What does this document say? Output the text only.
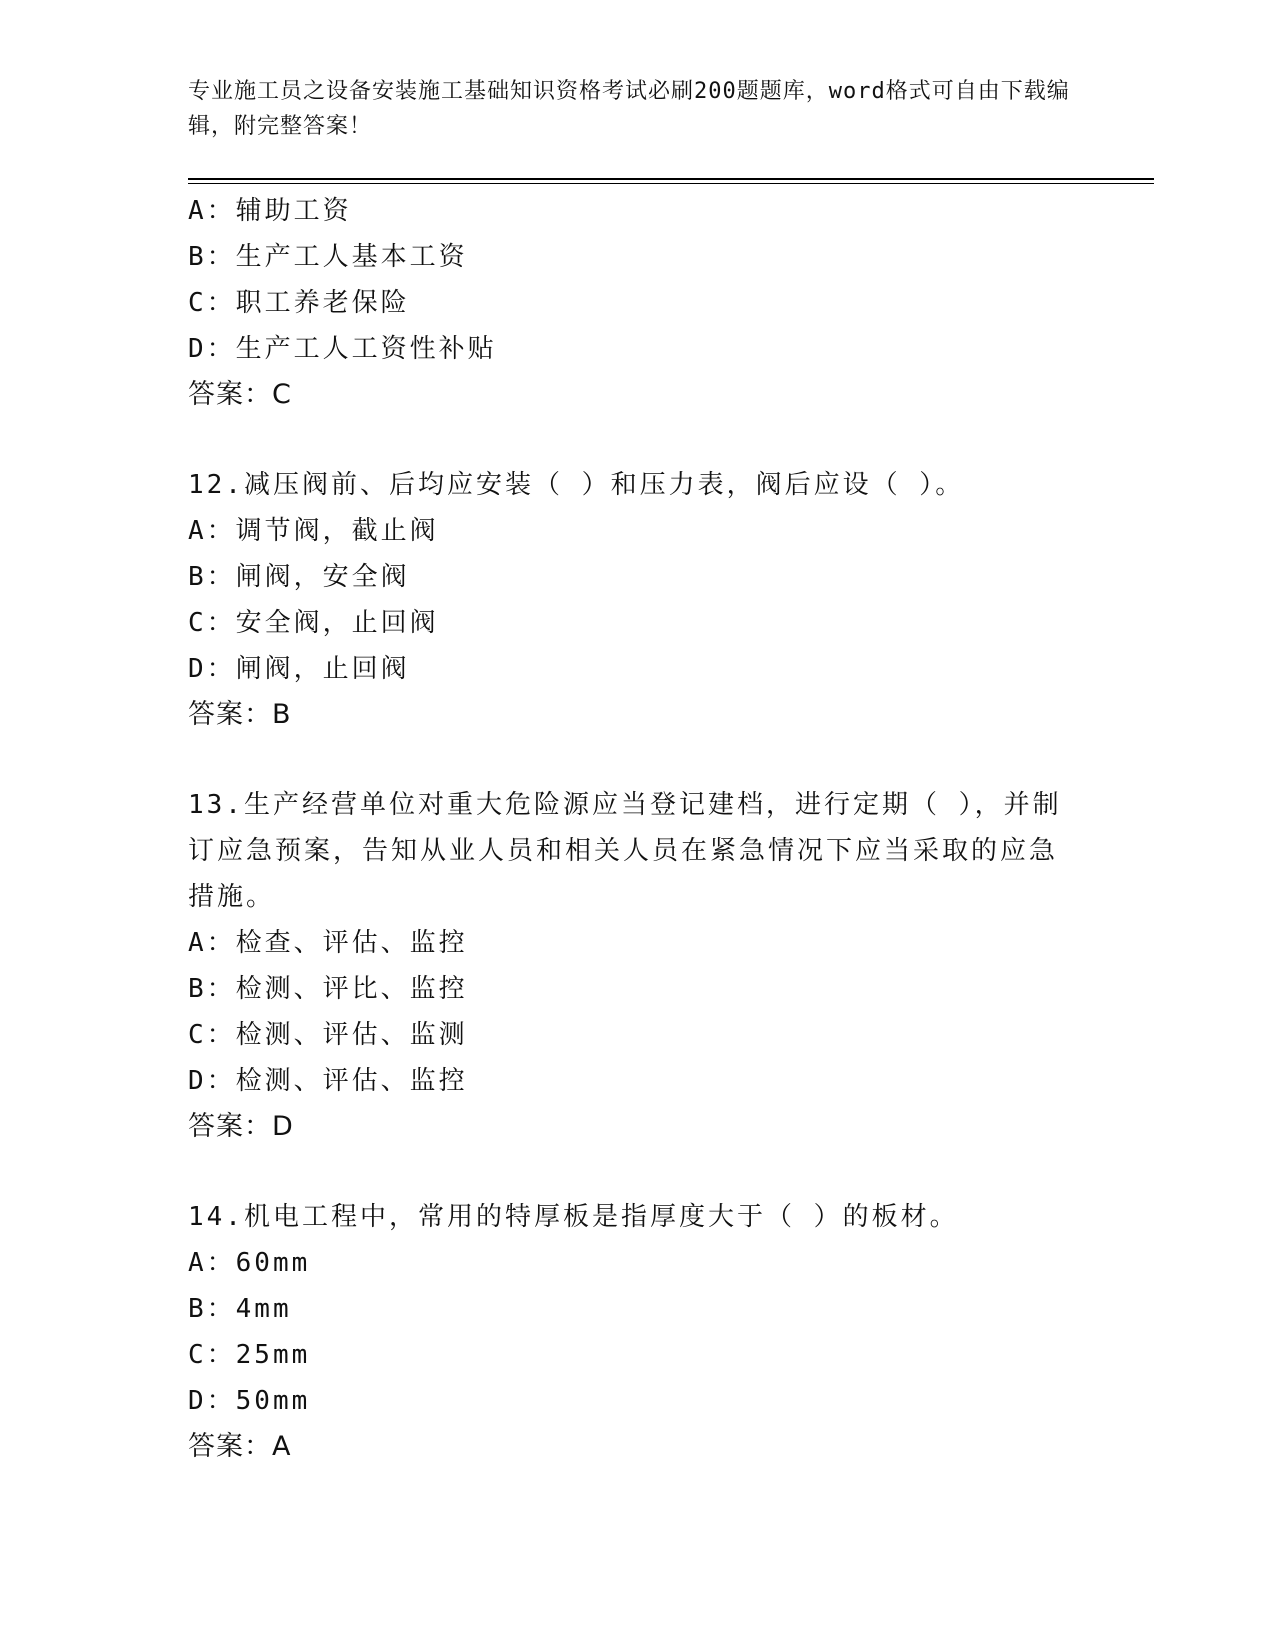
专业施工员之设备安装施工基础知识资格考试必刷200题题库，word格式可自由下载编辑，附完整答案！
A：辅助工资
B：生产工人基本工资
C：职工养老保险
D：生产工人工资性补贴
答案：C
12.减压阀前、后均应安装（ ）和压力表，阀后应设（ ）。
A：调节阀，截止阀
B：闸阀，安全阀
C：安全阀，止回阀
D：闸阀，止回阀
答案：B
13.生产经营单位对重大危险源应当登记建档，进行定期（ ），并制订应急预案，告知从业人员和相关人员在紧急情况下应当采取的应急措施。
A：检查、评估、监控
B：检测、评比、监控
C：检测、评估、监测
D：检测、评估、监控
答案：D
14.机电工程中，常用的特厚板是指厚度大于（ ）的板材。
A：60mm
B：4mm
C：25mm
D：50mm
答案：A
